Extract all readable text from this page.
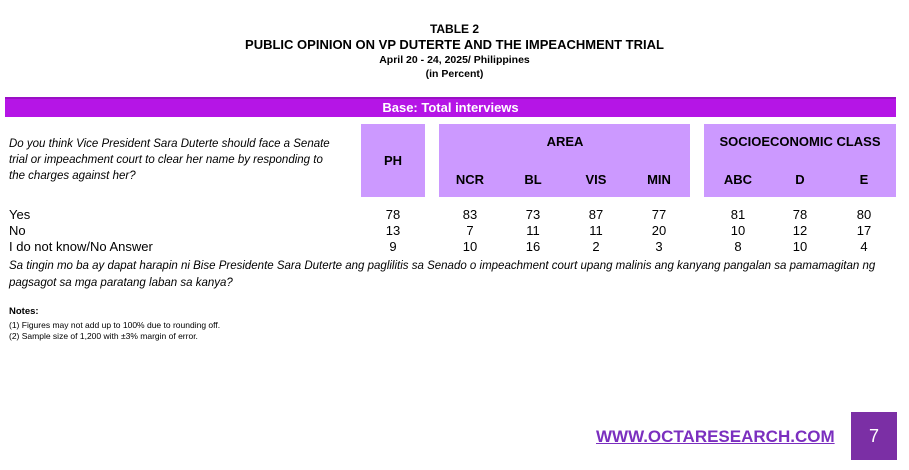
TABLE 2
PUBLIC OPINION ON VP DUTERTE AND THE IMPEACHMENT TRIAL
April 20 - 24, 2025/ Philippines
(in Percent)
Base: Total interviews
Do you think Vice President Sara Duterte should face a Senate trial or impeachment court to clear her name by responding to the charges against her?
PH
AREA
NCR	BL	VIS	MIN
SOCIOECONOMIC CLASS
ABC	D	E
Yes	78	83	73	87	77	81	78	80
No	13	7	11	11	20	10	12	17
I do not know/No Answer	9	10	16	2	3	8	10	4
Sa tingin mo ba ay dapat harapin ni Bise Presidente Sara Duterte ang paglilitis sa Senado o impeachment court upang malinis ang kanyang pangalan sa pamamagitan ng pagsagot sa mga paratang laban sa kanya?
Notes:
(1) Figures may not add up to 100% due to rounding off.
(2) Sample size of 1,200 with ±3% margin of error.
WWW.OCTARESEARCH.COM 7
